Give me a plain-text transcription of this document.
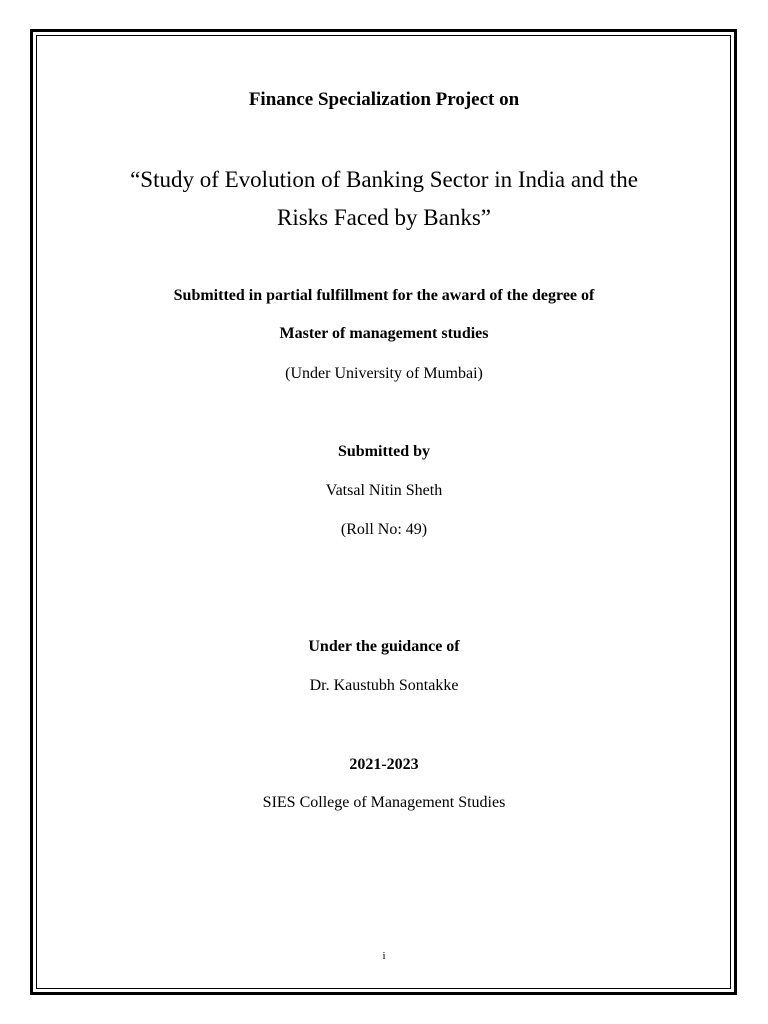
Finance Specialization Project on
“Study of Evolution of Banking Sector in India and the
Risks Faced by Banks”
Submitted in partial fulfillment for the award of the degree of
Master of management studies
(Under University of Mumbai)
Submitted by
Vatsal Nitin Sheth
(Roll No: 49)
Under the guidance of
Dr. Kaustubh Sontakke
2021-2023
SIES College of Management Studies
i
